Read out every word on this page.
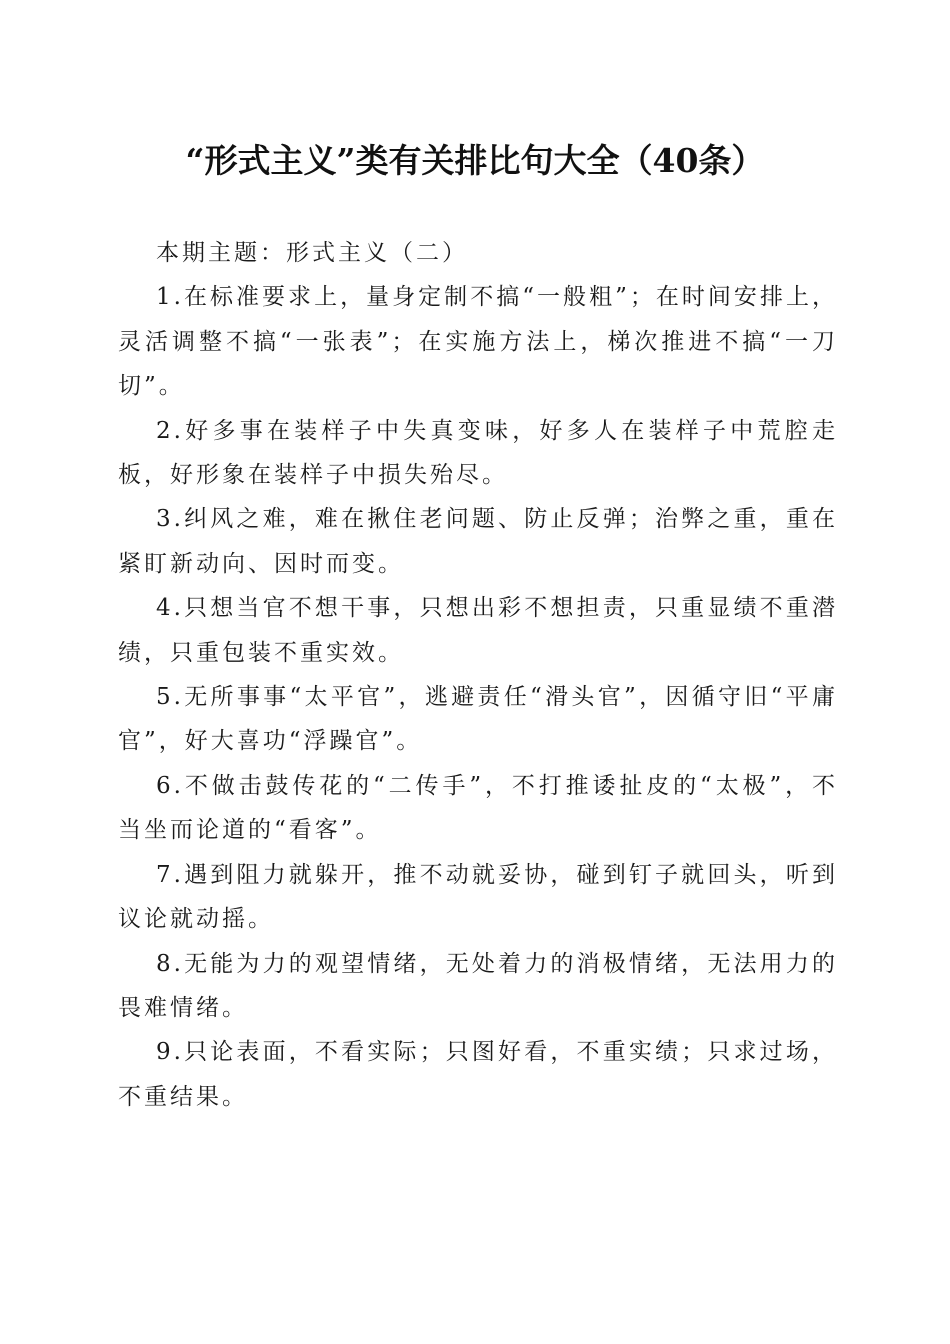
“形式主义”类有关排比句大全（40条）

本期主题：形式主义（二）

1.在标准要求上，量身定制不搞“一般粗”；在时间安排上，灵活调整不搞“一张表”；在实施方法上，梯次推进不搞“一刀切”。

2.好多事在装样子中失真变味，好多人在装样子中荒腔走板，好形象在装样子中损失殆尽。

3.纠风之难，难在揪住老问题、防止反弹；治弊之重，重在紧盯新动向、因时而变。

4.只想当官不想干事，只想出彩不想担责，只重显绩不重潜绩，只重包装不重实效。

5.无所事事“太平官”，逃避责任“滑头官”，因循守旧“平庸官”，好大喜功“浮躁官”。

6.不做击鼓传花的“二传手”，不打推诿扯皮的“太极”，不当坐而论道的“看客”。

7.遇到阻力就躲开，推不动就妥协，碰到钉子就回头，听到议论就动摇。

8.无能为力的观望情绪，无处着力的消极情绪，无法用力的畏难情绪。

9.只论表面，不看实际；只图好看，不重实绩；只求过场，不重结果。
